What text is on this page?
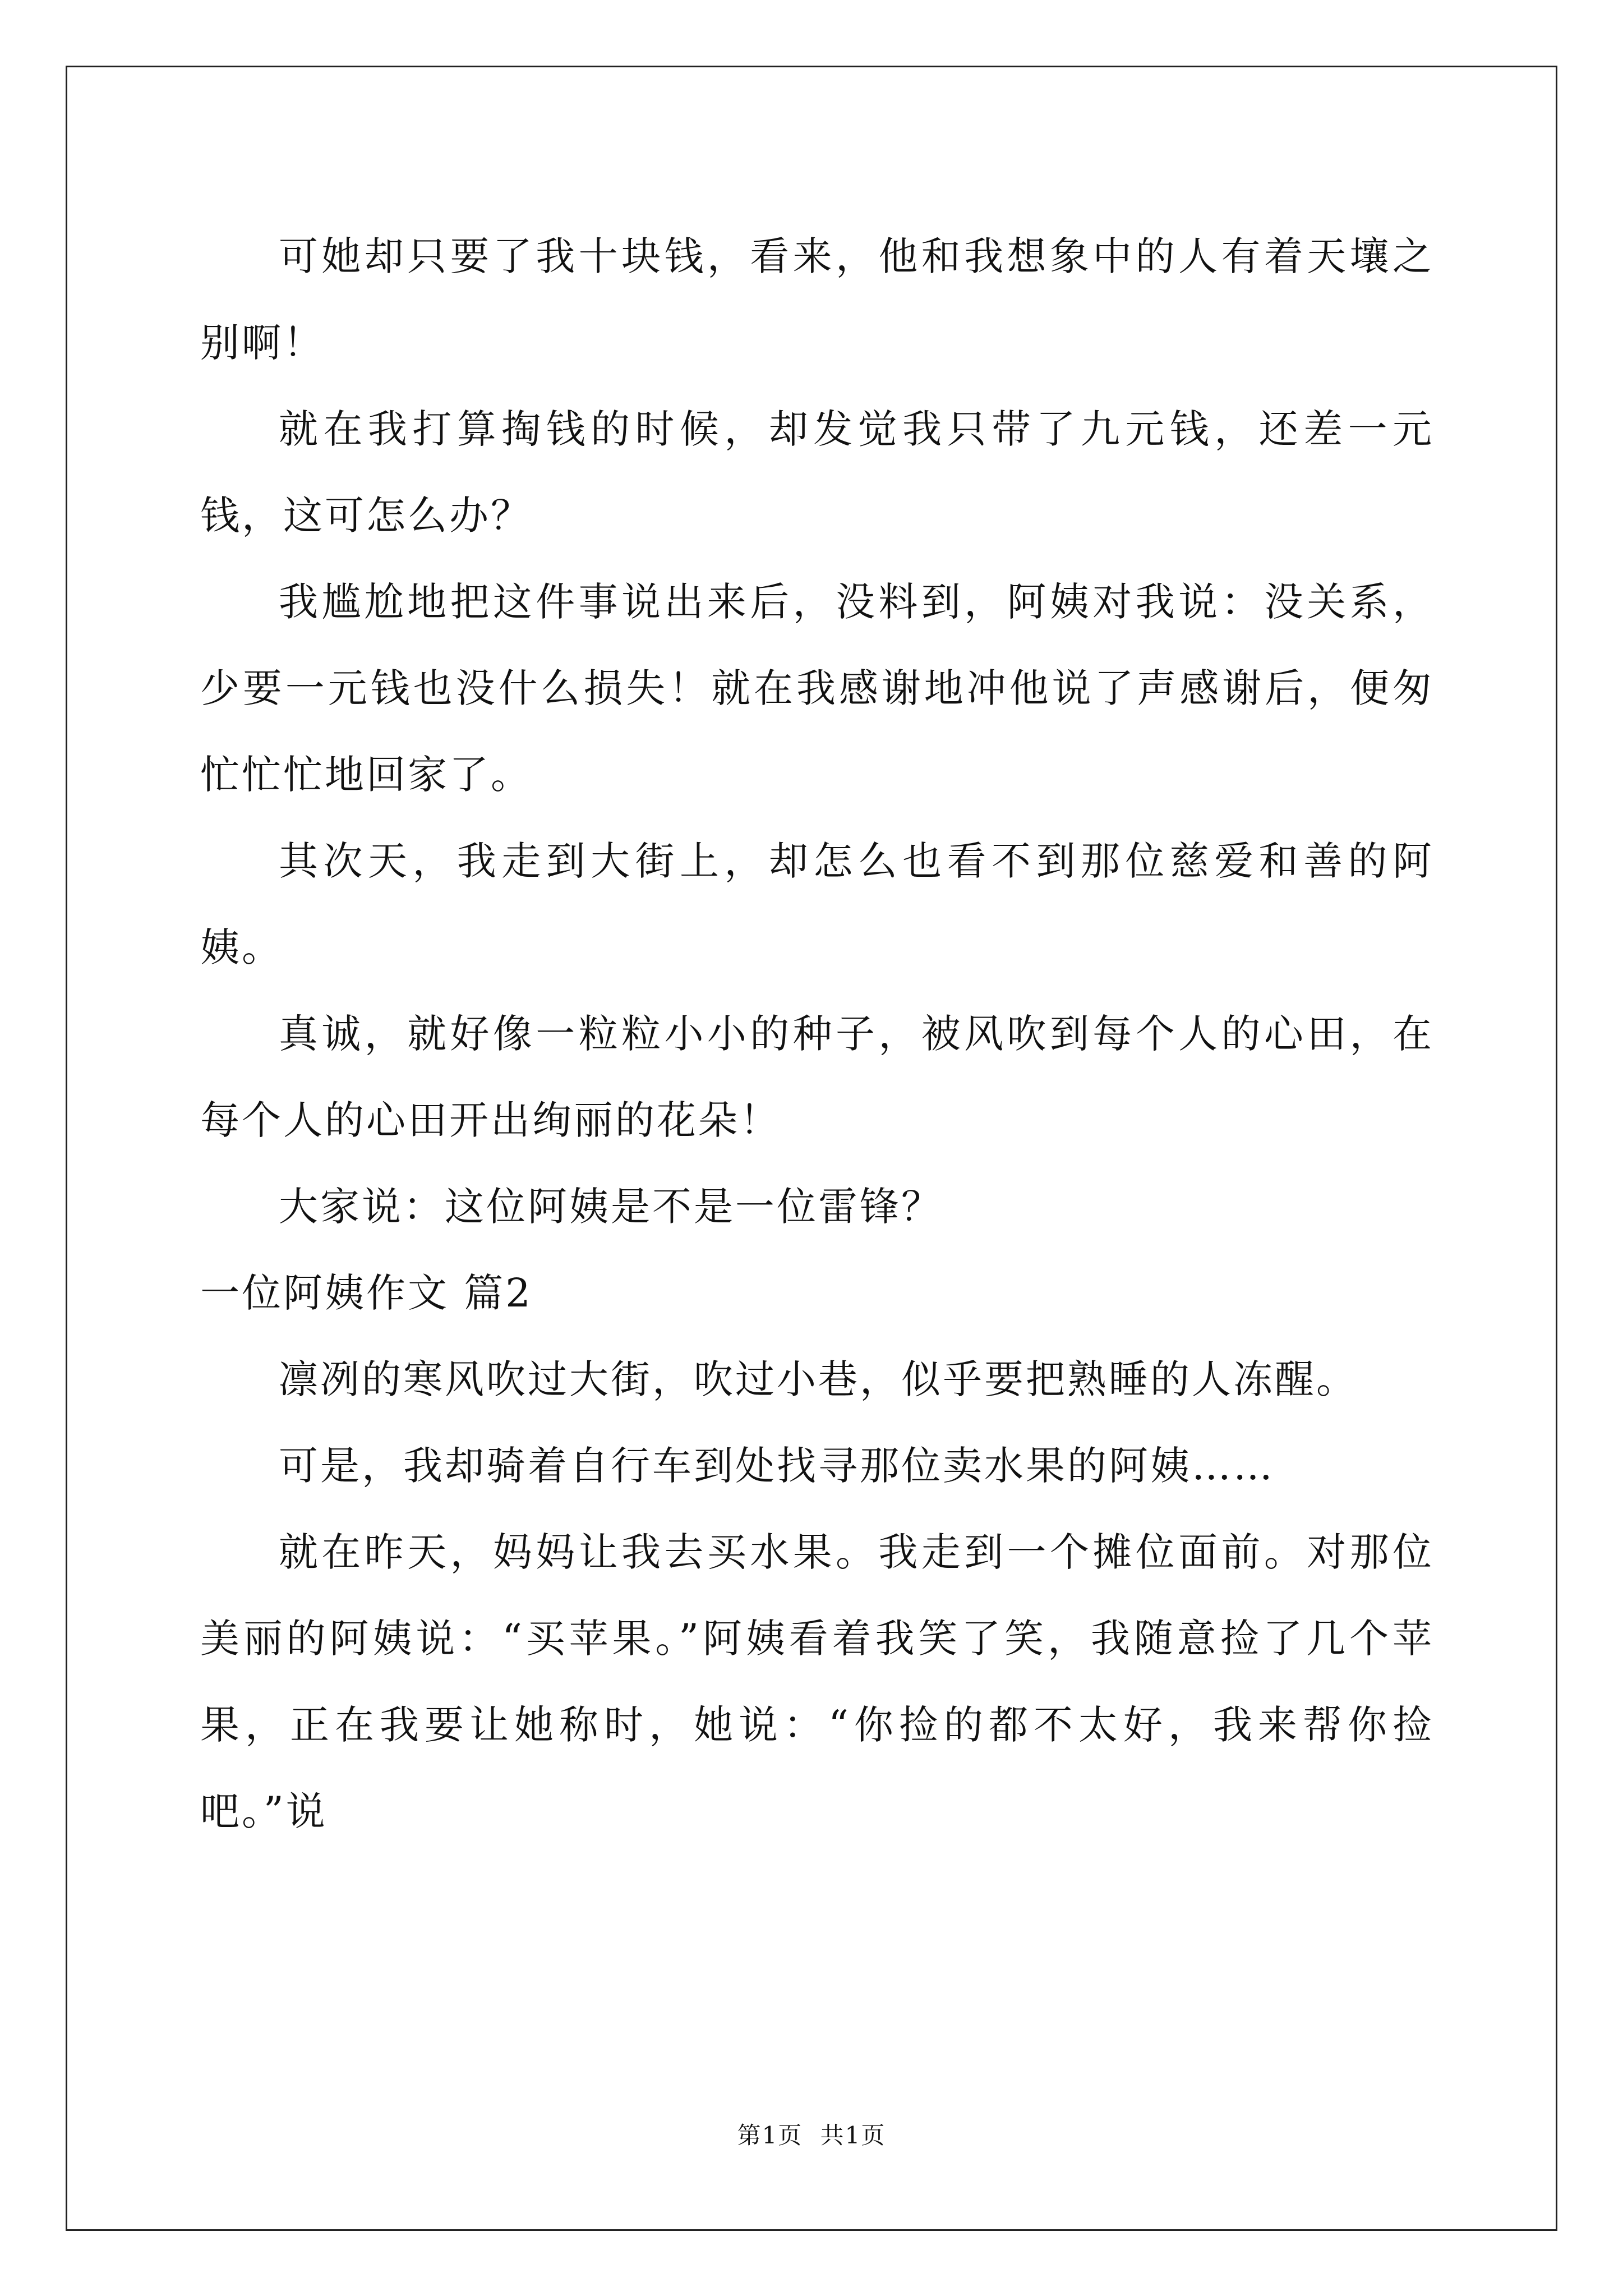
可她却只要了我十块钱，看来，他和我想象中的人有着天壤之别啊！

就在我打算掏钱的时候，却发觉我只带了九元钱，还差一元钱，这可怎么办？

我尴尬地把这件事说出来后，没料到，阿姨对我说：没关系，少要一元钱也没什么损失！就在我感谢地冲他说了声感谢后，便匆忙忙忙地回家了。

其次天，我走到大街上，却怎么也看不到那位慈爱和善的阿姨。

真诚，就好像一粒粒小小的种子，被风吹到每个人的心田，在每个人的心田开出绚丽的花朵！

大家说：这位阿姨是不是一位雷锋？

一位阿姨作文 篇2

凛冽的寒风吹过大街，吹过小巷，似乎要把熟睡的人冻醒。

可是，我却骑着自行车到处找寻那位卖水果的阿姨……

就在昨天，妈妈让我去买水果。我走到一个摊位面前。对那位美丽的阿姨说：“买苹果。”阿姨看着我笑了笑，我随意捡了几个苹果，正在我要让她称时，她说：“你捡的都不太好，我来帮你捡吧。”说

第1页 共1页
